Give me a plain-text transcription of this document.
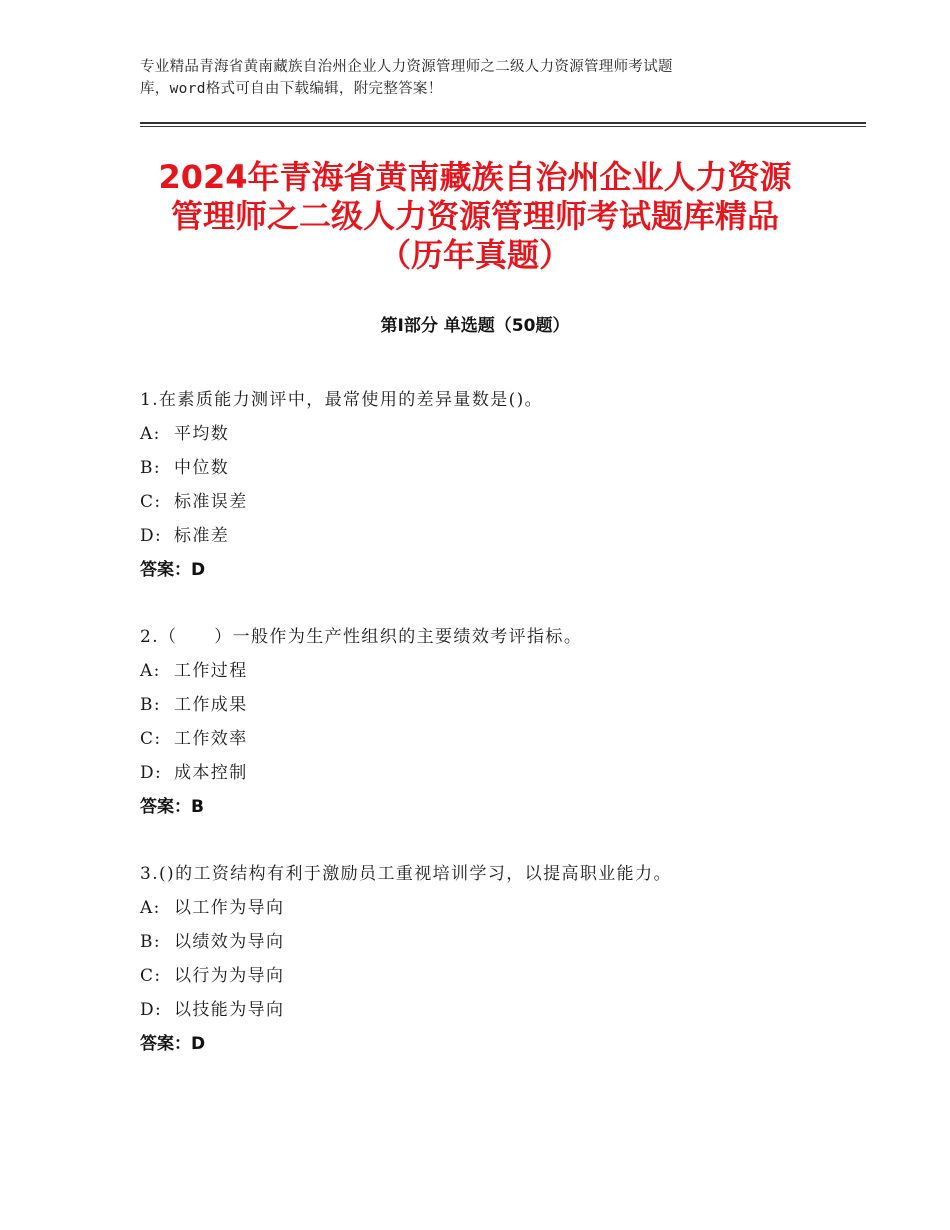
专业精品青海省黄南藏族自治州企业人力资源管理师之二级人力资源管理师考试题
库，word格式可自由下载编辑，附完整答案！
2024年青海省黄南藏族自治州企业人力资源
管理师之二级人力资源管理师考试题库精品
（历年真题）
第Ⅰ部分 单选题（50题）
1.在素质能力测评中，最常使用的差异量数是()。
A: 平均数
B: 中位数
C: 标准误差
D: 标准差
答案：D
2.（　　）一般作为生产性组织的主要绩效考评指标。
A: 工作过程
B: 工作成果
C: 工作效率
D: 成本控制
答案：B
3.()的工资结构有利于激励员工重视培训学习，以提高职业能力。
A: 以工作为导向
B: 以绩效为导向
C: 以行为为导向
D: 以技能为导向
答案：D
